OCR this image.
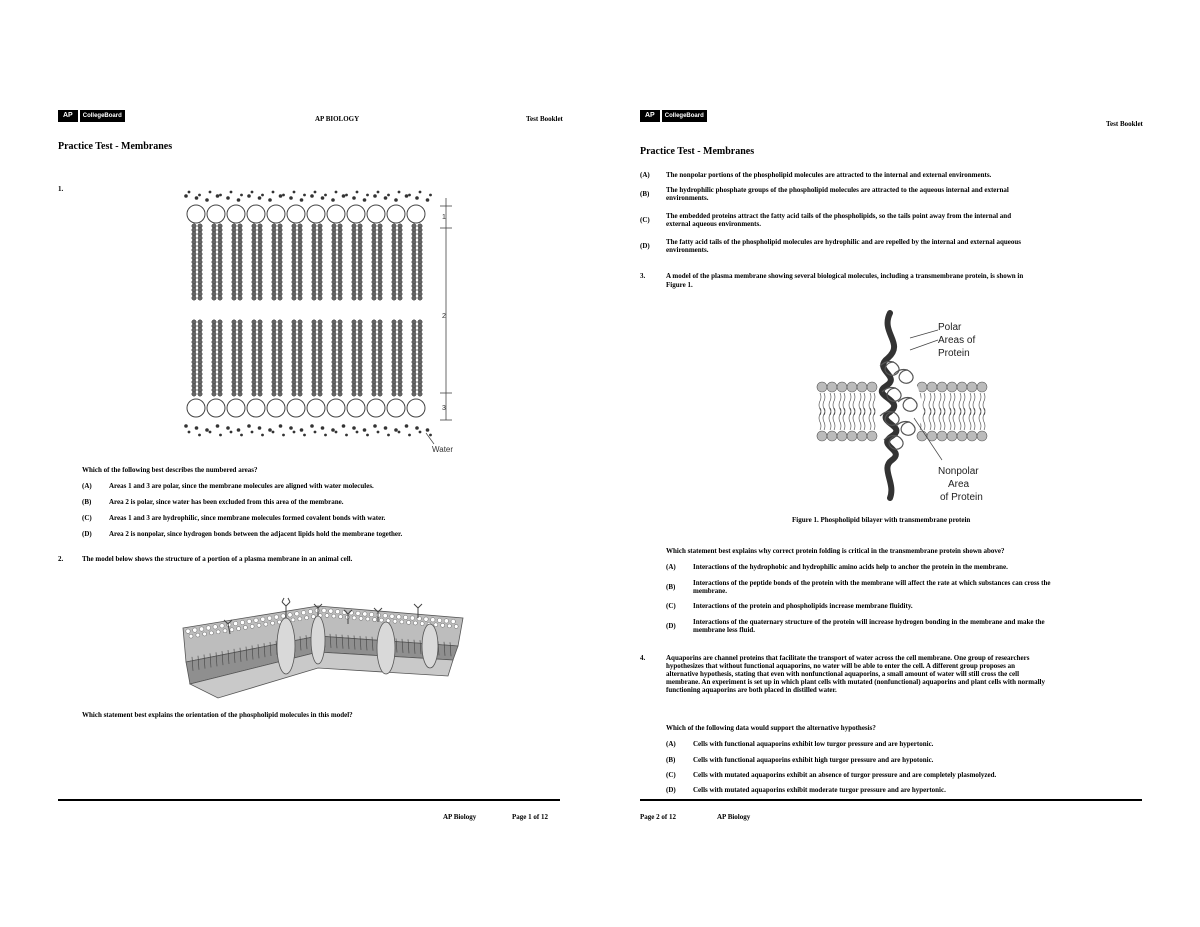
AP	CollegeBoard	AP BIOLOGY	Test Booklet
Practice Test - Membranes
1.
1
2
3
Water
Which of the following best describes the numbered areas?
(A) Areas 1 and 3 are polar, since the membrane molecules are aligned with water molecules.
(B)	Area 2 is polar, since water has been excluded from this area of the membrane.
(C) Areas 1 and 3 are hydrophilic, since membrane molecules formed covalent bonds with water.
(D) Area 2 is nonpolar, since hydrogen bonds between the adjacent lipids hold the membrane together.
2.	The model below shows the structure of a portion of a plasma membrane in an animal cell.
Which statement best explains the orientation of the phospholipid molecules in this model?
AP Biology	Page 1 of 12
AP	CollegeBoard
Test Booklet
Practice Test - Membranes
(A) The nonpolar portions of the phospholipid molecules are attracted to the internal and external environments.
(B) The hydrophilic phosphate groups of the phospholipid molecules are attracted to the aqueous internal and external
environments.
(C) The embedded proteins attract the fatty acid tails of the phospholipids, so the tails point away from the internal and
external aqueous environments.
(D) The fatty acid tails of the phospholipid molecules are hydrophilic and are repelled by the internal and external aqueous
environments.
3.	A model of the plasma membrane showing several biological molecules, including a transmembrane protein, is shown in
Figure 1.
Polar
Areas of
Protein
Nonpolar
Area
of Protein
Figure 1. Phospholipid bilayer with transmembrane protein
Which statement best explains why correct protein folding is critical in the transmembrane protein shown above?
(A) Interactions of the hydrophobic and hydrophilic amino acids help to anchor the protein in the membrane.
(B)	Interactions of the peptide bonds of the protein with the membrane will affect the rate at which substances can cross the
membrane.
(C) Interactions of the protein and phospholipids increase membrane fluidity.
(D) Interactions of the quaternary structure of the protein will increase hydrogen bonding in the membrane and make the
membrane less fluid.
4.	Aquaporins are channel proteins that facilitate the transport of water across the cell membrane. One group of researchers
hypothesizes that without functional aquaporins, no water will be able to enter the cell. A different group proposes an
alternative hypothesis, stating that even with nonfunctional aquaporins, a small amount of water will still cross the cell
membrane. An experiment is set up in which plant cells with mutated (nonfunctional) aquaporins and plant cells with normally
functioning aquaporins are both placed in distilled water.
Which of the following data would support the alternative hypothesis?
(A) Cells with functional aquaporins exhibit low turgor pressure and are hypertonic.
(B)	Cells with functional aquaporins exhibit high turgor pressure and are hypotonic.
(C) Cells with mutated aquaporins exhibit an absence of turgor pressure and are completely plasmolyzed.
(D) Cells with mutated aquaporins exhibit moderate turgor pressure and are hypertonic.
Page 2 of 12	AP Biology
